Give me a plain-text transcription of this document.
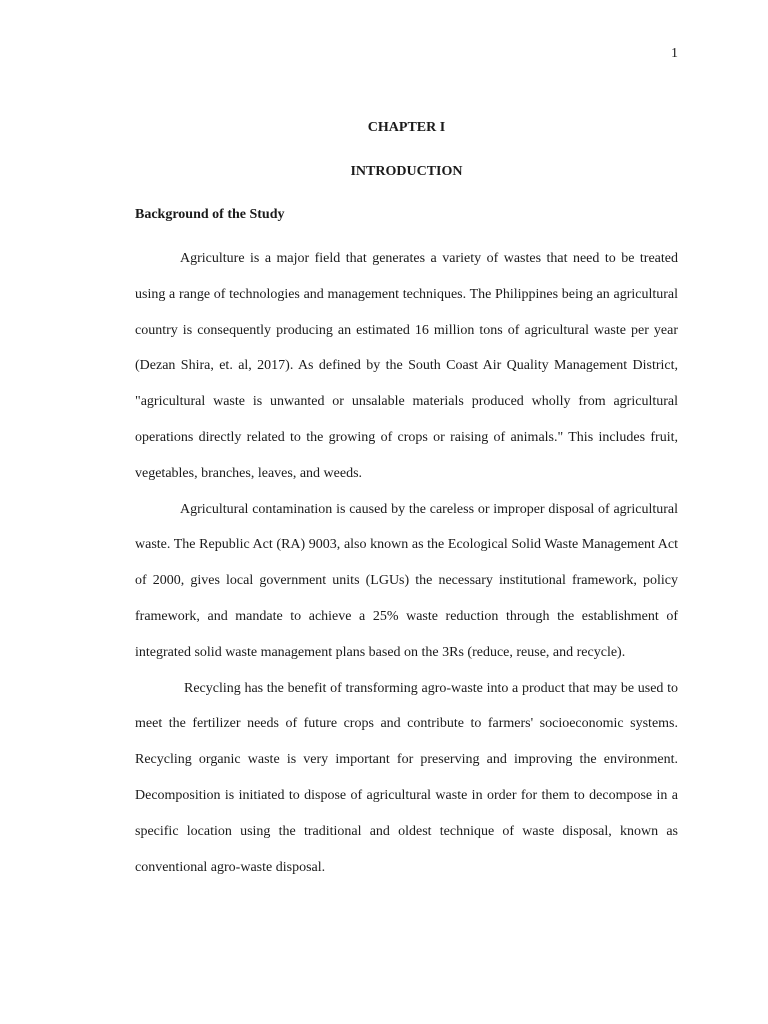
1
CHAPTER I
INTRODUCTION
Background of the Study

Agriculture is a major field that generates a variety of wastes that need to be treated using a range of technologies and management techniques. The Philippines being an agricultural country is consequently producing an estimated 16 million tons of agricultural waste per year (Dezan Shira, et. al, 2017). As defined by the South Coast Air Quality Management District, "agricultural waste is unwanted or unsalable materials produced wholly from agricultural operations directly related to the growing of crops or raising of animals." This includes fruit, vegetables, branches, leaves, and weeds.

Agricultural contamination is caused by the careless or improper disposal of agricultural waste. The Republic Act (RA) 9003, also known as the Ecological Solid Waste Management Act of 2000, gives local government units (LGUs) the necessary institutional framework, policy framework, and mandate to achieve a 25% waste reduction through the establishment of integrated solid waste management plans based on the 3Rs (reduce, reuse, and recycle).

Recycling has the benefit of transforming agro-waste into a product that may be used to meet the fertilizer needs of future crops and contribute to farmers' socioeconomic systems. Recycling organic waste is very important for preserving and improving the environment. Decomposition is initiated to dispose of agricultural waste in order for them to decompose in a specific location using the traditional and oldest technique of waste disposal, known as conventional agro-waste disposal.
